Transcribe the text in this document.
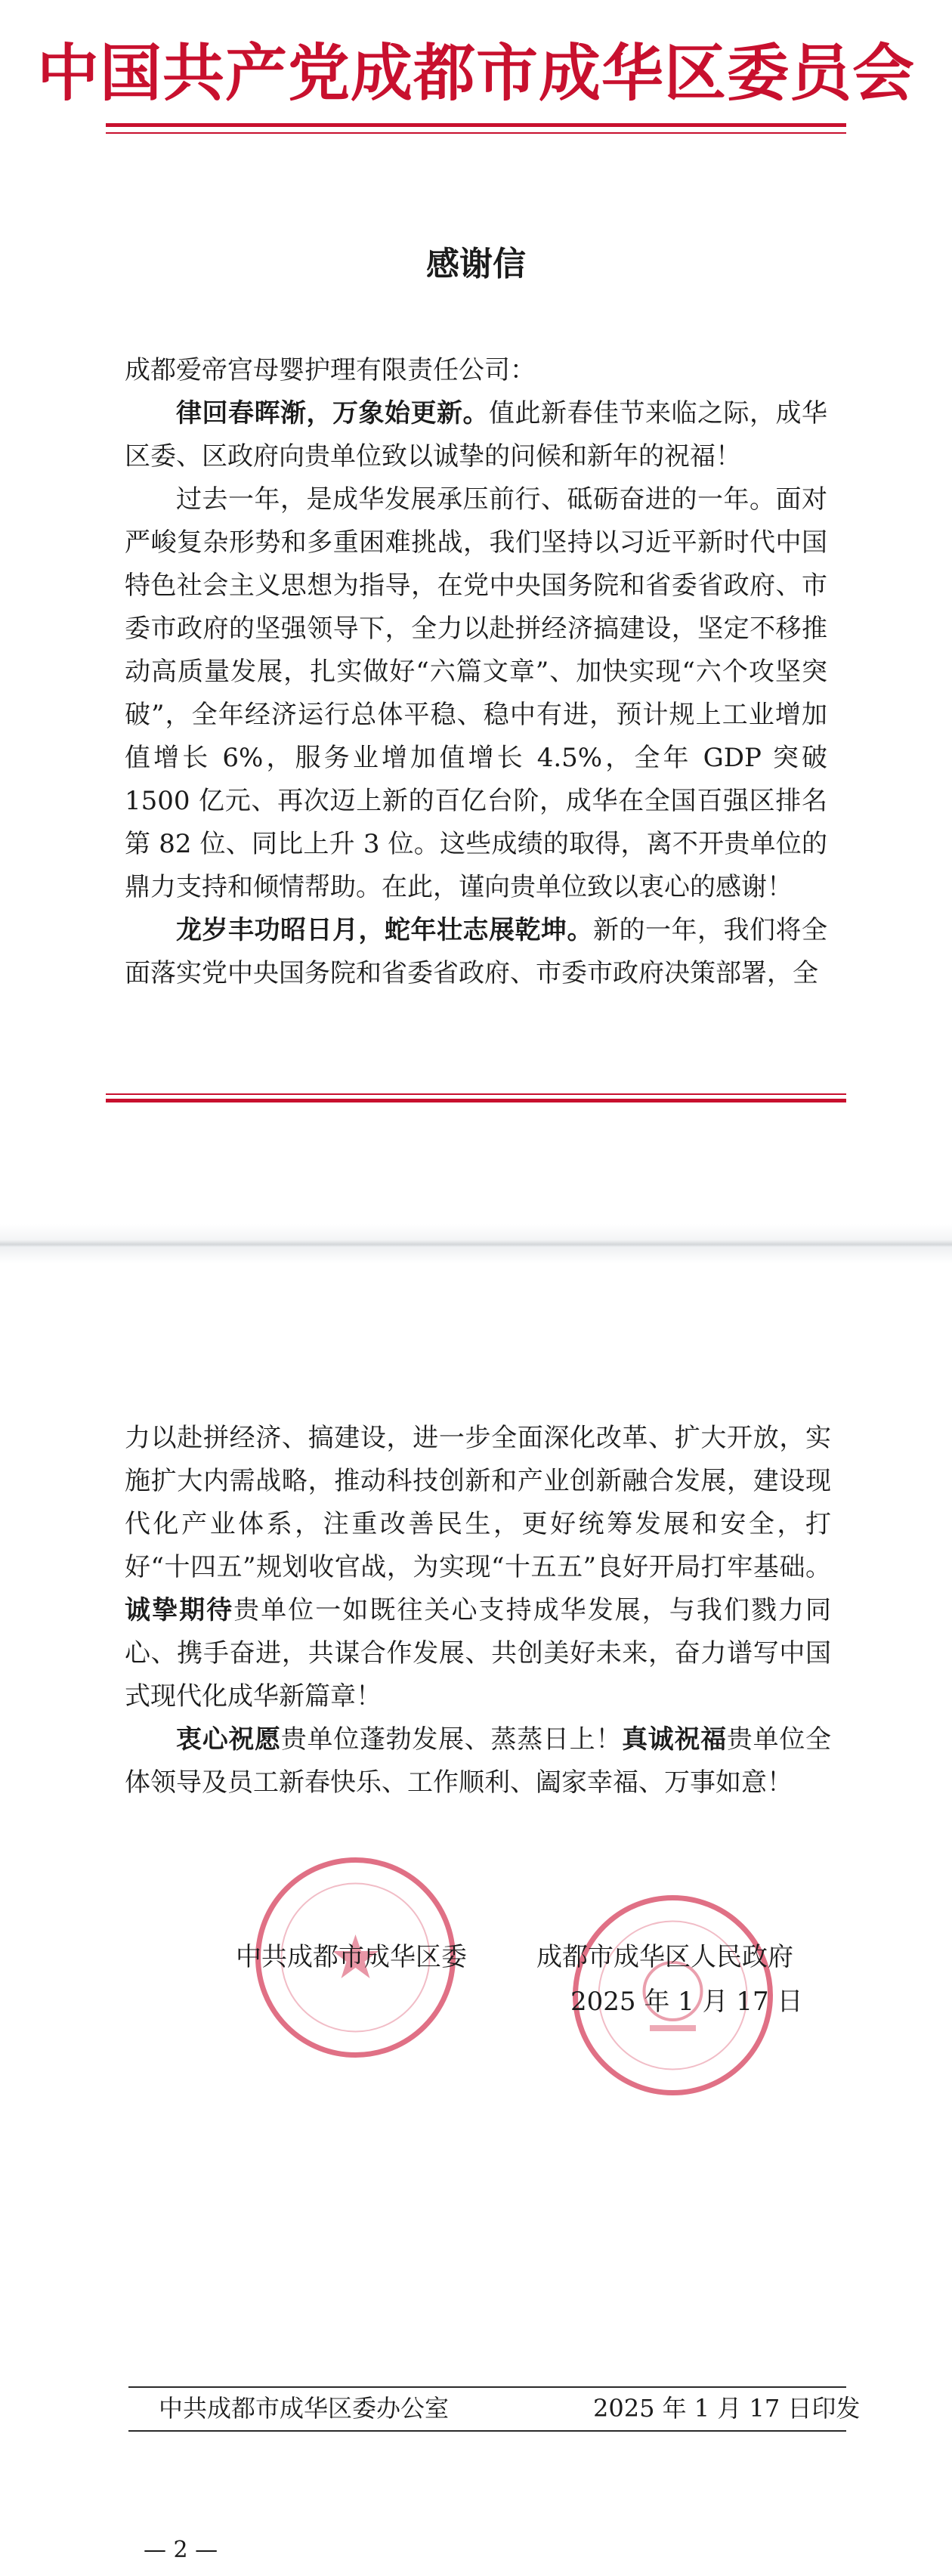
中国共产党成都市成华区委员会
感谢信

成都爱帝宫母婴护理有限责任公司：

律回春晖渐，万象始更新。值此新春佳节来临之际，成华区委、区政府向贵单位致以诚挚的问候和新年的祝福！

过去一年，是成华发展承压前行、砥砺奋进的一年。面对严峻复杂形势和多重困难挑战，我们坚持以习近平新时代中国特色社会主义思想为指导，在党中央国务院和省委省政府、市委市政府的坚强领导下，全力以赴拼经济搞建设，坚定不移推动高质量发展，扎实做好“六篇文章”、加快实现“六个攻坚突破”，全年经济运行总体平稳、稳中有进，预计规上工业增加值增长 6%，服务业增加值增长 4.5%，全年 GDP 突破 1500 亿元、再次迈上新的百亿台阶，成华在全国百强区排名第 82 位、同比上升 3 位。这些成绩的取得，离不开贵单位的鼎力支持和倾情帮助。在此，谨向贵单位致以衷心的感谢！

龙岁丰功昭日月，蛇年壮志展乾坤。新的一年，我们将全面落实党中央国务院和省委省政府、市委市政府决策部署，全

力以赴拼经济、搞建设，进一步全面深化改革、扩大开放，实施扩大内需战略，推动科技创新和产业创新融合发展，建设现代化产业体系，注重改善民生，更好统筹发展和安全，打好“十四五”规划收官战，为实现“十五五”良好开局打牢基础。诚挚期待贵单位一如既往关心支持成华发展，与我们戮力同心、携手奋进，共谋合作发展、共创美好未来，奋力谱写中国式现代化成华新篇章！

衷心祝愿贵单位蓬勃发展、蒸蒸日上！真诚祝福贵单位全体领导及员工新春快乐、工作顺利、阖家幸福、万事如意！

中共成都市成华区委	成都市成华区人民政府
2025 年 1 月 17 日
中共成都市成华区委办公室	2025 年 1 月 17 日印发
— 2 —
